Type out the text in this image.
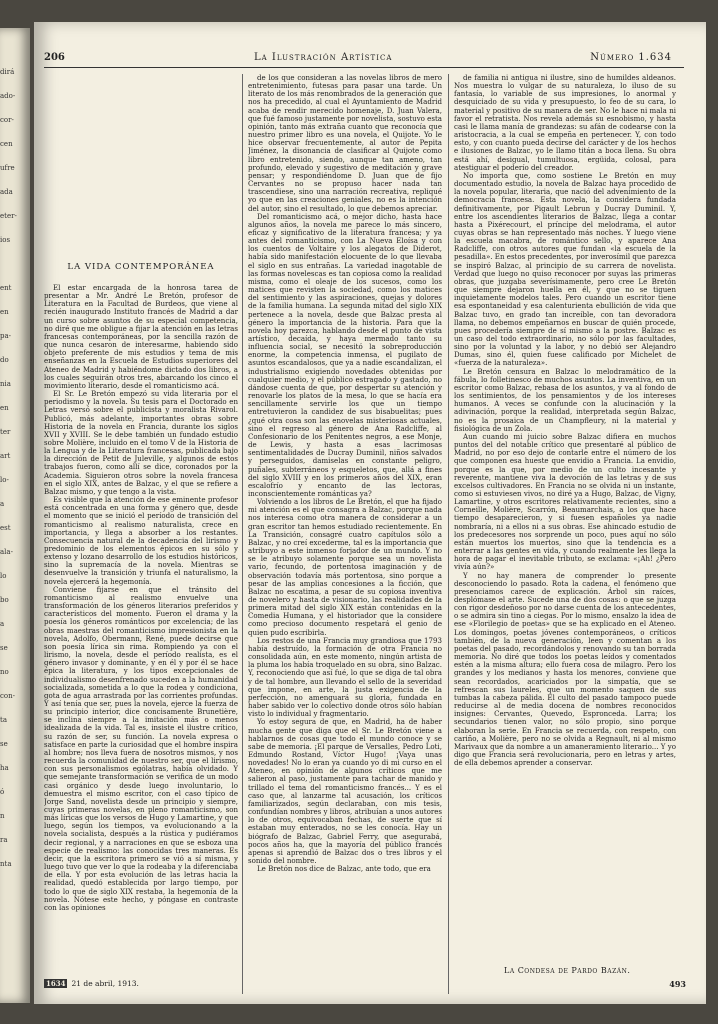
dirá
ado-
cor-
cen
ufre
ada
eter-
ios
ent
en
pa-
do
nia
en
ter
art
lo-
a
est
ala-
lo
bo
a
se
no
con-
ta
se
ha
ó
n
ra
nta
206	La Ilustración Artística	Número 1.634
LA VIDA CONTEMPORÁNEA

El estar encargada de la honrosa tarea de presentar a Mr. André Le Bretón, profesor de Literatura en la Facultad de Burdeos, que viene al recién inaugurado Instituto francés de Madrid a dar un curso sobre asuntos de su especial competencia, no diré que me obligue a fijar la atención en las letras francesas contemporáneas, por la sencilla razón de que nunca cesaron de interesarme, habiendo sido objeto preferente de mis estudios y tema de mis enseñanzas en la Escuela de Estudios superiores del Ateneo de Madrid y habiéndome dictado dos libros, a los cuales seguirán otros tres, abarcando los cinco el movimiento literario, desde el romanticismo acá.

El Sr. Le Bretón empezó su vida literaria por el periodismo y la novela. Su tesis para el Doctorado en Letras versó sobre el publicista y moralista Rivarol. Publicó, más adelante, importantes obras sobre Historia de la novela en Francia, durante los siglos XVII y XVIII. Se le debe también un fundado estudio sobre Molière, incluido en el tomo V de la Historia de la Lengua y de la Literatura francesas, publicada bajo la dirección de Petit de Juleville, y algunos de estos trabajos fueron, como allí se dice, coronados por la Academia. Siguieron otros sobre la novela francesa en el siglo XIX, antes de Balzac, y el que se refiere a Balzac mismo, y que tengo a la vista.

Es visible que la atención de ese eminente profesor está concentrada en una forma y género que, desde el momento que se inició el período de transición del romanticismo al realismo naturalista, crece en importancia, y llega a absorber a los restantes. Consecuencia natural de la decadencia del lirismo y predominio de los elementos épicos en su sólo y extenso y lozano desarrollo de los estudios históricos, sino la supremacía de la novela. Mientras se desenvuelve la transición y triunfa el naturalismo, la novela ejercerá la hegemonía.

Conviene fijarse en que el tránsito del romanticismo al realismo envuelve una transformación de los géneros literarios preferidos y característicos del momento. Fueron el drama y la poesía los géneros románticos por excelencia; de las obras maestras del romanticismo impresionista en la novela, Adolfo, Obermann, René, puede decirse que son poesía lírica sin rima. Rompiendo ya con el lirismo, la novela, desde el período realista, es el género invasor y dominante, y en él y por él se hace épica la literatura, y los tipos excepcionales de individualismo desenfrenado suceden a la humanidad socializada, sometida a lo que la rodea y condiciona, gota de agua arrastrada por las corrientes profundas. Y así tenía que ser, pues la novela, ejerce la fuerza de su principio interior, dice concisamente Brunetière, se inclina siempre a la imitación más o menos idealizada de la vida. Tal es, insiste el ilustre crítico, su razón de ser, su función. La novela expresa o satisface en parte la curiosidad que el hombre inspira al hombre; nos lleva fuera de nosotros mismos, y nos recuerda la comunidad de nuestro ser, que el lirismo, con sus personalismos ególatras, había olvidado. Y que semejante transformación se verifica de un modo casi orgánico y desde luego involuntario, lo demuestra el mismo escritor, con el caso típico de Jorge Sand, novelista desde un principio y siempre, cuyas primeras novelas, en pleno romanticismo, son más líricas que los versos de Hugo y Lamartine, y que luego, según los tiempos, va evolucionando a la novela socialista, después a la rústica y pudiéramos decir regional, y a narraciones en que se esboza una especie de realismo: las conocidas tres maneras. Es decir, que la escritora primero se vió a sí misma, y luego tuvo que ver lo que la rodeaba y la diferenciaba de ella. Y por esta evolución de las letras hacia la realidad, quedó establecida por largo tiempo, por todo lo que de siglo XIX restaba, la hegemonía de la novela. Nótese este hecho, y póngase en contraste con las opiniones

de los que consideran a las novelas libros de mero entretenimiento, futesas para pasar una tarde. Un literato de los más renombrados de la generación que nos ha precedido, al cual el Ayuntamiento de Madrid acaba de rendir merecido homenaje, D. Juan Valera, que fué famoso justamente por novelista, sostuvo esta opinión, tanto más extraña cuanto que reconocía que nuestro primer libro es una novela, el Quijote. Yo le hice observar frecuentemente, al autor de Pepita Jiménez, la disonancia de clasificar al Quijote como libro entretenido, siendo, aunque tan ameno, tan profundo, elevado y sugestivo de meditación y grave pensar; y respondiéndome D. Juan que de fijo Cervantes no se propuso hacer nada tan trascendiese, sino una narración recreativa, repliqué yo que en las creaciones geniales, no es la intención del autor, sino el resultado, lo que debemos apreciar.

Del romanticismo acá, o mejor dicho, hasta hace algunos años, la novela me parece lo más sincero, eficaz y significativo de la literatura francesa; y ya antes del romanticismo, con La Nueva Eloísa y con los cuentos de Voltaire y los alegatos de Diderot, había sido manifestación elocuente de lo que llevaba el siglo en sus entrañas. La variedad inagotable de las formas novelescas es tan copiosa como la realidad misma, como el oleaje de los sucesos, como los matices que revisten la sociedad, como los matices del sentimiento y las aspiraciones, quejas y dolores de la familia humana. La segunda mitad del siglo XIX pertenece a la novela, desde que Balzac presta al género la importancia de la historia. Para que la novela hoy parezca, hablando desde el punto de vista artístico, decaída, y haya mermado tanto su influencia social, se necesitó la sobreproducción enorme, la competencia inmensa, el pugilato de asuntos escandalosos, que ya a nadie escandalizan, el industrialismo exigiendo novedades obtenidas por cualquier medio, y el público estragado y gastado, no dándose cuenta de que, por despertar su atención y renovarle los platos de la mesa, lo que se hacía era sencillamente servirle los que un tiempo entretuvieron la candidez de sus bisabuelitas; pues ¿qué otra cosa son las enovelas misteriosas actuales, sino el regreso al género de Ana Radcliffe, al Confesionario de los Penitentes negros, a ese Monje, de Lewis, y hasta a esas lacrimosas sentimentalidades de Ducray Duminil, niños salvados y perseguidos, damiselas en constante peligro, puñales, subterráneos y esqueletos, que, allá a fines del siglo XVIII y en los primeros años del XIX, eran escalofrío y encanto de las lectoras, inconscientemente románticas ya?

Volviendo a los libros de Le Bretón, el que ha fijado mi atención es el que consagra a Balzac, porque nada nos interesa como otra manera de considerar a un gran escritor tan hemos estudiado recientemente. En La Transición, consagré cuatro capítulos sólo a Balzac, y no creí excederme, tal es la importancia que atribuyo a este inmenso forjador de un mundo. Y no se le atribuyo solamente porque sea un novelista vario, fecundo, de portentosa imaginación y de observación todavía más portentosa, sino porque a pesar de las amplias concesiones a la ficción, que Balzac no escatima, a pesar de su copiosa inventiva de novelero y hasta de visionario, las realidades de la primera mitad del siglo XIX están contenidas en la Comedia Humana, y el historiador que la considere como precioso documento respetará el genio de quien pudo escribirla.

Los restos de una Francia muy grandiosa que 1793 había destruído, la formación de otra Francia no consolidada aún, en este momento, ningún artista de la pluma los había troquelado en su obra, sino Balzac. Y, reconociendo que así fué, lo que se diga de tal obra y de tal hombre, aun llevando el sello de la severidad que impone, en arte, la justa exigencia de la perfección, no amenguará su gloria, fundada en haber sabido ver lo colectivo donde otros sólo habían visto lo individual y fragmentario.

Yo estoy segura de que, en Madrid, ha de haber mucha gente que diga que el Sr. Le Bretón viene a hablarnos de cosas que todo el mundo conoce y se sabe de memoria. ¡El parque de Versalles, Pedro Loti, Edmundo Rostand, Víctor Hugo! ¡Vaya unas novedades! No lo eran ya cuando yo di mi curso en el Ateneo, en opinión de algunos críticos que me salieron al paso, justamente para tachar de manido y trillado el tema del romanticismo francés... Y es el caso que, al lanzarme tal acusación, los críticos familiarizados, según declaraban, con mis tesis, confundían nombres y libros, atribuían a unos autores lo de otros, equivocaban fechas, de suerte que sí estaban muy enterados, no se les conocía. Hay un biógrafo de Balzac, Gabriel Ferry, que asegurabá, pocos años ha, que la mayoría del público francés apenas si aprendió de Balzac dos o tres libros y el sonido del nombre.

Le Bretón nos dice de Balzac, ante todo, que era

de familia ni antigua ni ilustre, sino de humildes aldeanos. Nos muestra lo vulgar de su naturaleza, lo iluso de su fantasía, lo variable de sus impresiones, lo anormal y desquiciado de su vida y presupuesto, lo feo de su cara, lo material y positivo de su manera de ser. No le hace ni mala ni favor el retratista. Nos revela además su esnobismo, y hasta casi le llama manía de grandezas: su afán de codearse con la aristocracia, a la cual se empeña en pertenecer. Y, con todo esto, y con cuanto pueda decirse del carácter y de los hechos e ilusiones de Balzac, yo le llamo titán a boca llena. Su obra está ahí, desigual, tumultuosa, ergüida, colosal, para atestiguar el poderío del creador.

No importa que, como sostiene Le Bretón en muy documentado estudio, la novela de Balzac haya procedido de la novela popular, literaria, que nació del advenimiento de la democracia francesa. Esta novela, la considera fundada definitivamente, por Pigault Lebrun y Ducray Duminil. Y, entre los ascendientes literarios de Balzac, llega a contar hasta a Pixérecourt, el príncipe del melodrama, el autor cuyas obras se han representado más noches. Y luego viene la escuela macabra, de romántico sello, y aparece Ana Radcliffe, con otros autores que fundan «la escuela de la pesadilla». En estos precedentes, por inverosímil que parezca se inspiró Balzac, al principio de su carrera de novelista. Verdad que luego no quiso reconocer por suyas las primeras obras, que juzgaba severísimamente, pero cree Le Bretón que siempre dejaron huella en él, y que no se tiguen inquietamente modelos tales. Pero cuando un escritor tiene esa espontaneidad y esa calenturienta ebullición de vida que Balzac tuvo, en grado tan increíble, con tan devoradora llama, no debemos empeñarnos en buscar de quién procede, pues procedería siempre de sí mismo a la postre. Balzac es un caso del todo extraordinario, no sólo por las facultades, sino por la voluntad y la labor, y no debió ser Alejandro Dumas, sino él, quien fuese calificado por Michelet de «fuerza de la naturaleza».

Le Bretón censura en Balzac lo melodramático de la fábula, lo folletinesco de muchos asuntos. La inventiva, en un escritor como Balzac, rebasa de los asuntos, y va al fondo de los sentimientos, de los pensamientos y de los intereses humanos. A veces se confunde con la alucinación y la adivinación, porque la realidad, interpretada según Balzac, no es la prosaica de un Champfleury, ni la material y fisiológica de un Zola.

Aun cuando mi juicio sobre Balzac difiera en muchos puntos del del notable crítico que presentaré al público de Madrid, no por eso dejo de contarle entre el número de los que componen esa hueste que envidio a Francia. La envidio, porque es la que, por medio de un culto incesante y reverente, mantiene viva la devoción de las letras y de sus excelsos cultivadores. En Francia no se olvida ni un instante, como si estuviesen vivos, no diré ya a Hugo, Balzac, de Vigny, Lamartine, y otros escritores relativamente recientes, sino a Corneille, Molière, Scarrón, Beaumarchais, a los que hace tiempo desaparecieron, y si fuesen españoles ya nadie nombraría, ni a ellos ni a sus obras. Ese ahincado estudio de los predecesores nos sorprende un poco, pues aquí no sólo están muertos los muertos, sino que la tendencia es a enterrar a las gentes en vida, y cuando realmente les llega la hora de pagar el inevitable tributo, se exclama: «¡Ah! ¿Pero vivía aún?»

Y no hay manera de comprender lo presente desconociendo lo pasado. Rota la cadena, el fenómeno que presenciamos carece de explicación. Árbol sin raíces, desplómase el arte. Sucede una de dos cosas: o que se juzga con rigor desdeñoso por no darse cuenta de los antecedentes, o se admira sin tino a ciegas. Por lo mismo, ensalzo la idea de ese «Florilegio de poetas» que se ha explicado en el Ateneo. Los domingos, poetas jóvenes contemporáneos, o críticos también, de la nueva generación, leen y comentan a los poetas del pasado, recordándolos y renovando su tan borrada memoria. No diré que todos los poetas leídos y comentados estén a la misma altura; ello fuera cosa de milagro. Pero los grandes y los medianos y hasta los menores, conviene que sean recordados, acariciados por la simpatía, que se refrescan sus laureles, que un momento saquen de sus tumbas la cabeza pálida. El culto del pasado tampoco puede reducirse al de media docena de nombres reconocidos insignes: Cervantes, Quevedo, Espronceda. Larra; los secundarios tienen valor, no sólo propio, sino porque elaboran la serie. En Francia se recuerda, con respeto, con cariño, a Molière, pero no se olvida a Regnault, ni al mismo Marivaux que da nombre a un amaneramiento literario... Y yo digo que Francia será revolucionaria, pero en letras y artes, de ella debemos aprender a conservar.

La Condesa de Pardo Bazán.
1634 21 de abril, 1913.	493
